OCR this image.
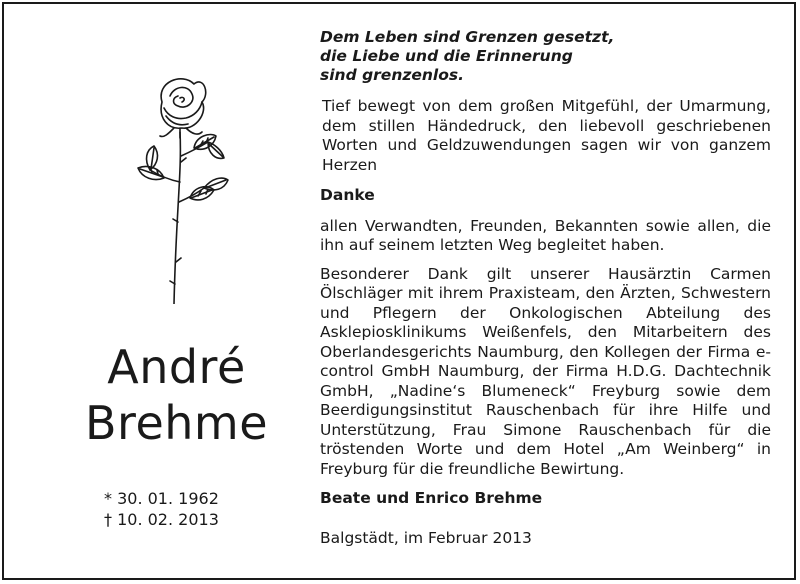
André
Brehme
* 30. 01. 1962
† 10. 02. 2013
Dem Leben sind Grenzen gesetzt,
die Liebe und die Erinnerung
sind grenzenlos.

Tief bewegt von dem großen Mitgefühl, der Umarmung, dem stillen Händedruck, den liebevoll geschriebenen Worten und Geldzuwendungen sagen wir von ganzem Herzen

Danke

allen Verwandten, Freunden, Bekannten sowie allen, die ihn auf seinem letzten Weg begleitet haben.

Besonderer Dank gilt unserer Hausärztin Carmen Ölschläger mit ihrem Praxisteam, den Ärzten, Schwestern und Pflegern der Onkologischen Abteilung des Asklepiosklinikums Weißenfels, den Mitarbeitern des Oberlandesgerichts Naumburg, den Kollegen der Firma e-control GmbH Naumburg, der Firma H.D.G. Dachtechnik GmbH, „Nadine‘s Blumeneck“ Freyburg sowie dem Beerdigungsinstitut Rauschenbach für ihre Hilfe und Unterstützung, Frau Simone Rauschenbach für die tröstenden Worte und dem Hotel „Am Weinberg“ in Freyburg für die freundliche Bewirtung.

Beate und Enrico Brehme
Balgstädt, im Februar 2013
